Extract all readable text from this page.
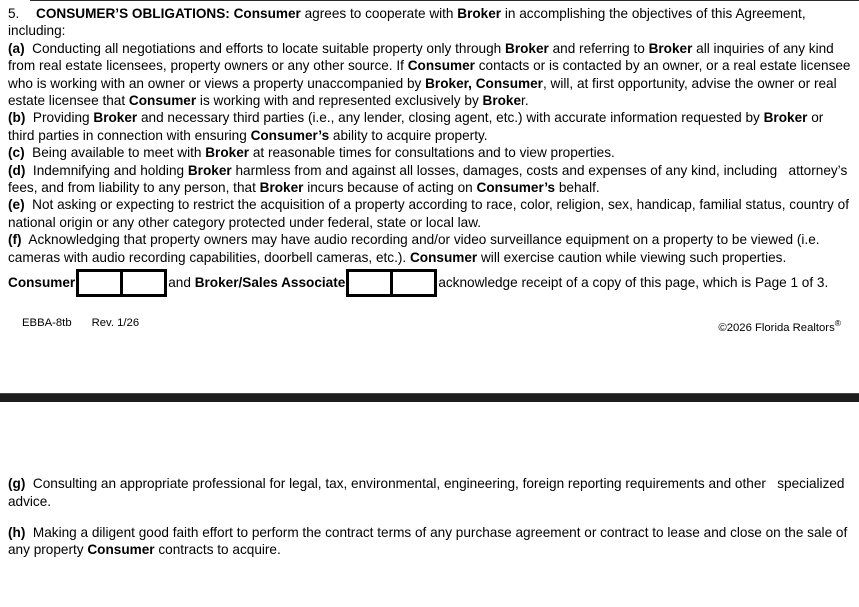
5. CONSUMER’S OBLIGATIONS: Consumer agrees to cooperate with Broker in accomplishing the objectives of this Agreement, including:

(a)  Conducting all negotiations and efforts to locate suitable property only through Broker and referring to Broker all inquiries of any kind from real estate licensees, property owners or any other source. If Consumer contacts or is contacted by an owner, or a real estate licensee who is working with an owner or views a property unaccompanied by Broker, Consumer, will, at first opportunity, advise the owner or real estate licensee that Consumer is working with and represented exclusively by Broker.

(b)  Providing Broker and necessary third parties (i.e., any lender, closing agent, etc.) with accurate information requested by Broker or third parties in connection with ensuring Consumer’s ability to acquire property.

(c)  Being available to meet with Broker at reasonable times for consultations and to view properties.

(d)  Indemnifying and holding Broker harmless from and against all losses, damages, costs and expenses of any kind, including   attorney’s fees, and from liability to any person, that Broker incurs because of acting on Consumer’s behalf.

(e)  Not asking or expecting to restrict the acquisition of a property according to race, color, religion, sex, handicap, familial status, country of national origin or any other category protected under federal, state or local law.

(f)  Acknowledging that property owners may have audio recording and/or video surveillance equipment on a property to be viewed (i.e. cameras with audio recording capabilities, doorbell cameras, etc.). Consumer will exercise caution while viewing such properties.

Consumer	and Broker/Sales Associate	acknowledge receipt of a copy of this page, which is Page 1 of 3.
EBBA-8tb Rev. 1/26	©2026 Florida Realtors®

(g)  Consulting an appropriate professional for legal, tax, environmental, engineering, foreign reporting requirements and other   specialized advice.

(h)  Making a diligent good faith effort to perform the contract terms of any purchase agreement or contract to lease and close on the sale of any property Consumer contracts to acquire.
